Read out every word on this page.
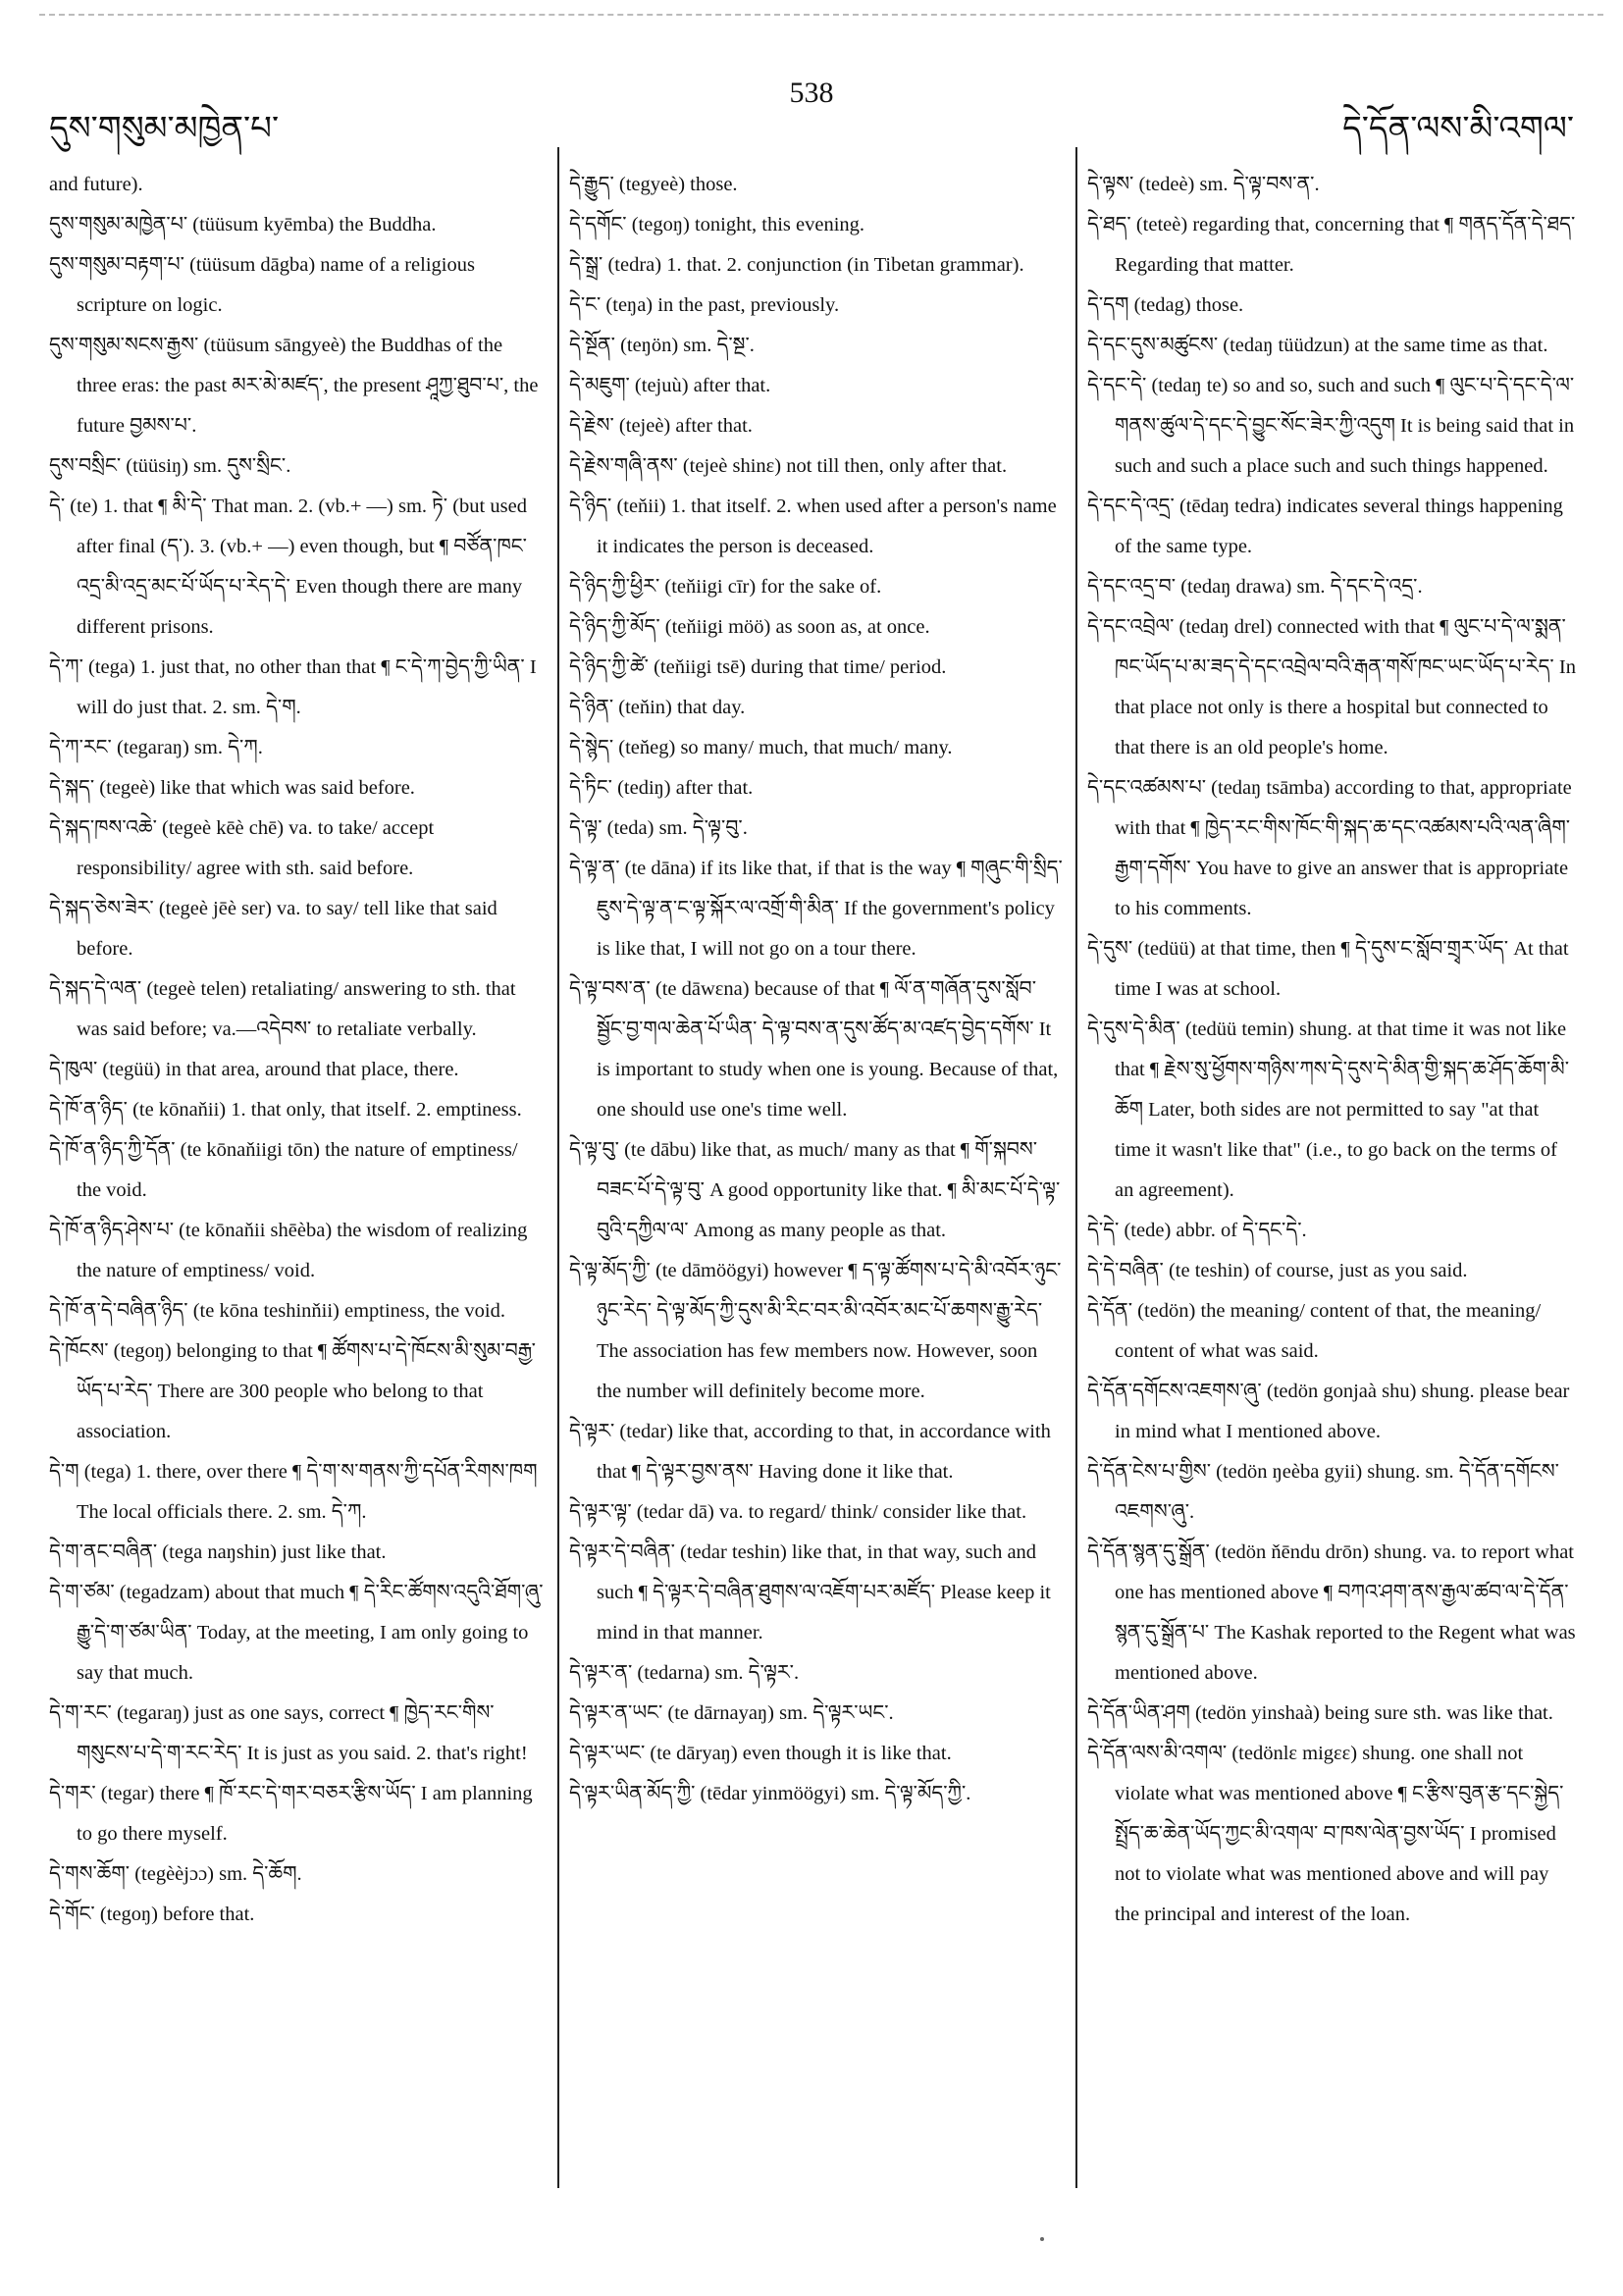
དུས་གསུམ་མཁྱེན་པ་
538
དེ་དོན་ལས་མི་འགལ་

and future).

དུས་གསུམ་མཁྱེན་པ་ (tüüsum kyēmba) the Buddha.

དུས་གསུམ་བརྟག་པ་ (tüüsum dāgba) name of a religious scripture on logic.

དུས་གསུམ་སངས་རྒྱས་ (tüüsum sāngyeè) the Buddhas of the three eras: the past མར་མེ་མཛད་, the present ཤཱཀྱ་ཐུབ་པ་, the future བྱམས་པ་.

དུས་བསྲིང་ (tüüsiŋ) sm. དུས་སྲིང་.

དེ་ (te) 1. that ¶ མི་དེ་ That man. 2. (vb.+ —) sm. ཏེ་ (but used after final (ད་). 3. (vb.+ —) even though, but ¶ བཙོན་ཁང་འདྲ་མི་འདྲ་མང་པོ་ཡོད་པ་རེད་དེ་ Even though there are many different prisons.

དེ་ཀ་ (tega) 1. just that, no other than that ¶ ང་དེ་ཀ་བྱེད་ཀྱི་ཡིན་ I will do just that. 2. sm. དེ་ག.

དེ་ཀ་རང་ (tegaraŋ) sm. དེ་ཀ.

དེ་སྐད་ (tegeè) like that which was said before.

དེ་སྐད་ཁས་འཆེ་ (tegeè kēè chē) va. to take/ accept responsibility/ agree with sth. said before.

དེ་སྐད་ཅེས་ཟེར་ (tegeè jēè ser) va. to say/ tell like that said before.

དེ་སྐད་དེ་ལན་ (tegeè telen) retaliating/ answering to sth. that was said before; va.—འདེབས་ to retaliate verbally.

དེ་ཁུལ་ (tegüü) in that area, around that place, there.

དེ་ཁོ་ན་ཉིད་ (te kōnaňii) 1. that only, that itself. 2. emptiness.

དེ་ཁོ་ན་ཉིད་ཀྱི་དོན་ (te kōnaňiigi tōn) the nature of emptiness/ the void.

དེ་ཁོ་ན་ཉིད་ཤེས་པ་ (te kōnaňii shēèba) the wisdom of realizing the nature of emptiness/ void.

དེ་ཁོ་ན་དེ་བཞིན་ཉིད་ (te kōna teshinňii) emptiness, the void.

དེ་ཁོངས་ (tegoŋ) belonging to that ¶ ཚོགས་པ་དེ་ཁོངས་མི་སུམ་བརྒྱ་ཡོད་པ་རེད་ There are 300 people who belong to that association.

དེ་ག (tega) 1. there, over there ¶ དེ་ག་ས་གནས་ཀྱི་དཔོན་རིགས་ཁག The local officials there. 2. sm. དེ་ཀ.

དེ་ག་ནང་བཞིན་ (tega naŋshin) just like that.

དེ་ག་ཙམ་ (tegadzam) about that much ¶ དེ་རིང་ཚོགས་འདུའི་ཐོག་ཞུ་རྒྱུ་དེ་ག་ཙམ་ཡིན་ Today, at the meeting, I am only going to say that much.

དེ་ག་རང་ (tegaraŋ) just as one says, correct ¶ ཁྱེད་རང་གིས་གསུངས་པ་དེ་ག་རང་རེད་ It is just as you said. 2. that's right!

དེ་གར་ (tegar) there ¶ ཁོ་རང་དེ་གར་བཅར་རྩིས་ཡོད་ I am planning to go there myself.

དེ་གས་ཆོག་ (tegèèjɔɔ) sm. དེ་ཆོག.

དེ་གོང་ (tegoŋ) before that.

དེ་རྒྱུད་ (tegyeè) those.

དེ་དགོང་ (tegoŋ) tonight, this evening.

དེ་སྒྲ་ (tedra) 1. that. 2. conjunction (in Tibetan grammar).

དེ་ང་ (teŋa) in the past, previously.

དེ་སྔོན་ (teŋön) sm. དེ་སྔ་.

དེ་མཇུག་ (tejuù) after that.

དེ་རྗེས་ (tejeè) after that.

དེ་རྗེས་གཞི་ནས་ (tejeè shinɛ) not till then, only after that.

དེ་ཉིད་ (teňii) 1. that itself. 2. when used after a person's name it indicates the person is deceased.

དེ་ཉིད་ཀྱི་ཕྱིར་ (teňiigi cīr) for the sake of.

དེ་ཉིད་ཀྱི་མོད་ (teňiigi möö) as soon as, at once.

དེ་ཉིད་ཀྱི་ཚེ་ (teňiigi tsē) during that time/ period.

དེ་ཉིན་ (teňin) that day.

དེ་སྙེད་ (teňeg) so many/ much, that much/ many.

དེ་ཏིང་ (tediŋ) after that.

དེ་ལྟ་ (teda) sm. དེ་ལྟ་བུ་.

དེ་ལྟ་ན་ (te dāna) if its like that, if that is the way ¶ གཞུང་གི་སྲིད་ཇུས་དེ་ལྟ་ན་ང་ལྟ་སྐོར་ལ་འགྲོ་གི་མིན་ If the government's policy is like that, I will not go on a tour there.

དེ་ལྟ་བས་ན་ (te dāwɛna) because of that ¶ ལོ་ན་གཞོན་དུས་སློབ་སྦྱོང་བྱ་གལ་ཆེན་པོ་ཡིན་ དེ་ལྟ་བས་ན་དུས་ཚོད་མ་འཛད་བྱེད་དགོས་ It is important to study when one is young. Because of that, one should use one's time well.

དེ་ལྟ་བུ་ (te dābu) like that, as much/ many as that ¶ གོ་སྐབས་བཟང་པོ་དེ་ལྟ་བུ་ A good opportunity like that. ¶ མི་མང་པོ་དེ་ལྟ་བུའི་དཀྱིལ་ལ་ Among as many people as that.

དེ་ལྟ་མོད་ཀྱི་ (te dāmöögyi) however ¶ ད་ལྟ་ཚོགས་པ་དེ་མི་འབོར་ཉུང་ཉུང་རེད་ དེ་ལྟ་མོད་ཀྱི་དུས་མི་རིང་བར་མི་འབོར་མང་པོ་ཆགས་རྒྱུ་རེད་ The association has few members now. However, soon the number will definitely become more.

དེ་ལྟར་ (tedar) like that, according to that, in accordance with that ¶ དེ་ལྟར་བྱས་ནས་ Having done it like that.

དེ་ལྟར་ལྟ་ (tedar dā) va. to regard/ think/ consider like that.

དེ་ལྟར་དེ་བཞིན་ (tedar teshin) like that, in that way, such and such ¶ དེ་ལྟར་དེ་བཞིན་ཐུགས་ལ་འཇོག་པར་མཛོད་ Please keep it mind in that manner.

དེ་ལྟར་ན་ (tedarna) sm. དེ་ལྟར་.

དེ་ལྟར་ན་ཡང་ (te dārnayaŋ) sm. དེ་ལྟར་ཡང་.

དེ་ལྟར་ཡང་ (te dāryaŋ) even though it is like that.

དེ་ལྟར་ཡིན་མོད་ཀྱི་ (tēdar yinmöögyi) sm. དེ་ལྟ་མོད་ཀྱི་.

དེ་ལྟས་ (tedeè) sm. དེ་ལྟ་བས་ན་.

དེ་ཐད་ (teteè) regarding that, concerning that ¶ གནད་དོན་དེ་ཐད་ Regarding that matter.

དེ་དག (tedag) those.

དེ་དང་དུས་མཚུངས་ (tedaŋ tüüdzun) at the same time as that.

དེ་དང་དེ་ (tedaŋ te) so and so, such and such ¶ ལུང་པ་དེ་དང་དེ་ལ་གནས་ཚུལ་དེ་དང་དེ་བྱུང་སོང་ཟེར་ཀྱི་འདུག It is being said that in such and such a place such and such things happened.

དེ་དང་དེ་འདྲ་ (tēdaŋ tedra) indicates several things happening of the same type.

དེ་དང་འདྲ་བ་ (tedaŋ drawa) sm. དེ་དང་དེ་འདྲ་.

དེ་དང་འབྲེལ་ (tedaŋ drel) connected with that ¶ ལུང་པ་དེ་ལ་སྨན་ཁང་ཡོད་པ་མ་ཟད་དེ་དང་འབྲེལ་བའི་རྒན་གསོ་ཁང་ཡང་ཡོད་པ་རེད་ In that place not only is there a hospital but connected to that there is an old people's home.

དེ་དང་འཚམས་པ་ (tedaŋ tsāmba) according to that, appropriate with that ¶ ཁྱེད་རང་གིས་ཁོང་གི་སྐད་ཆ་དང་འཚམས་པའི་ལན་ཞིག་རྒྱག་དགོས་ You have to give an answer that is appropriate to his comments.

དེ་དུས་ (tedüü) at that time, then ¶ དེ་དུས་ང་སློབ་གྲྭར་ཡོད་ At that time I was at school.

དེ་དུས་དེ་མིན་ (tedüü temin) shung. at that time it was not like that ¶ རྗེས་སུ་ཕྱོགས་གཉིས་ཀས་དེ་དུས་དེ་མིན་གྱི་སྐད་ཆ་ཤོད་ཆོག་མི་ཆོག Later, both sides are not permitted to say "at that time it wasn't like that" (i.e., to go back on the terms of an agreement).

དེ་དེ་ (tede) abbr. of དེ་དང་དེ་.

དེ་དེ་བཞིན་ (te teshin) of course, just as you said.

དེ་དོན་ (tedön) the meaning/ content of that, the meaning/ content of what was said.

དེ་དོན་དགོངས་འཇགས་ཞུ་ (tedön gonjaà shu) shung. please bear in mind what I mentioned above.

དེ་དོན་ངེས་པ་གྱིས་ (tedön ŋeèba gyii) shung. sm. དེ་དོན་དགོངས་འཇགས་ཞུ་.

དེ་དོན་སྙན་དུ་སྒྲོན་ (tedön ňēndu drōn) shung. va. to report what one has mentioned above ¶ བཀའ་ཤག་ནས་རྒྱལ་ཚབ་ལ་དེ་དོན་སྙན་དུ་སྒྲོན་པ་ The Kashak reported to the Regent what was mentioned above.

དེ་དོན་ཡིན་ཤག (tedön yinshaà) being sure sth. was like that.

དེ་དོན་ལས་མི་འགལ་ (tedönlɛ migɛɛ) shung. one shall not violate what was mentioned above ¶ ང་རྩིས་བུན་རྩ་དང་སྐྱེད་སྤྲོད་ཆ་ཆེན་ཡོད་ཀྱང་མི་འགལ་ བ་ཁས་ལེན་བྱས་ཡོད་ I promised not to violate what was mentioned above and will pay the principal and interest of the loan.
